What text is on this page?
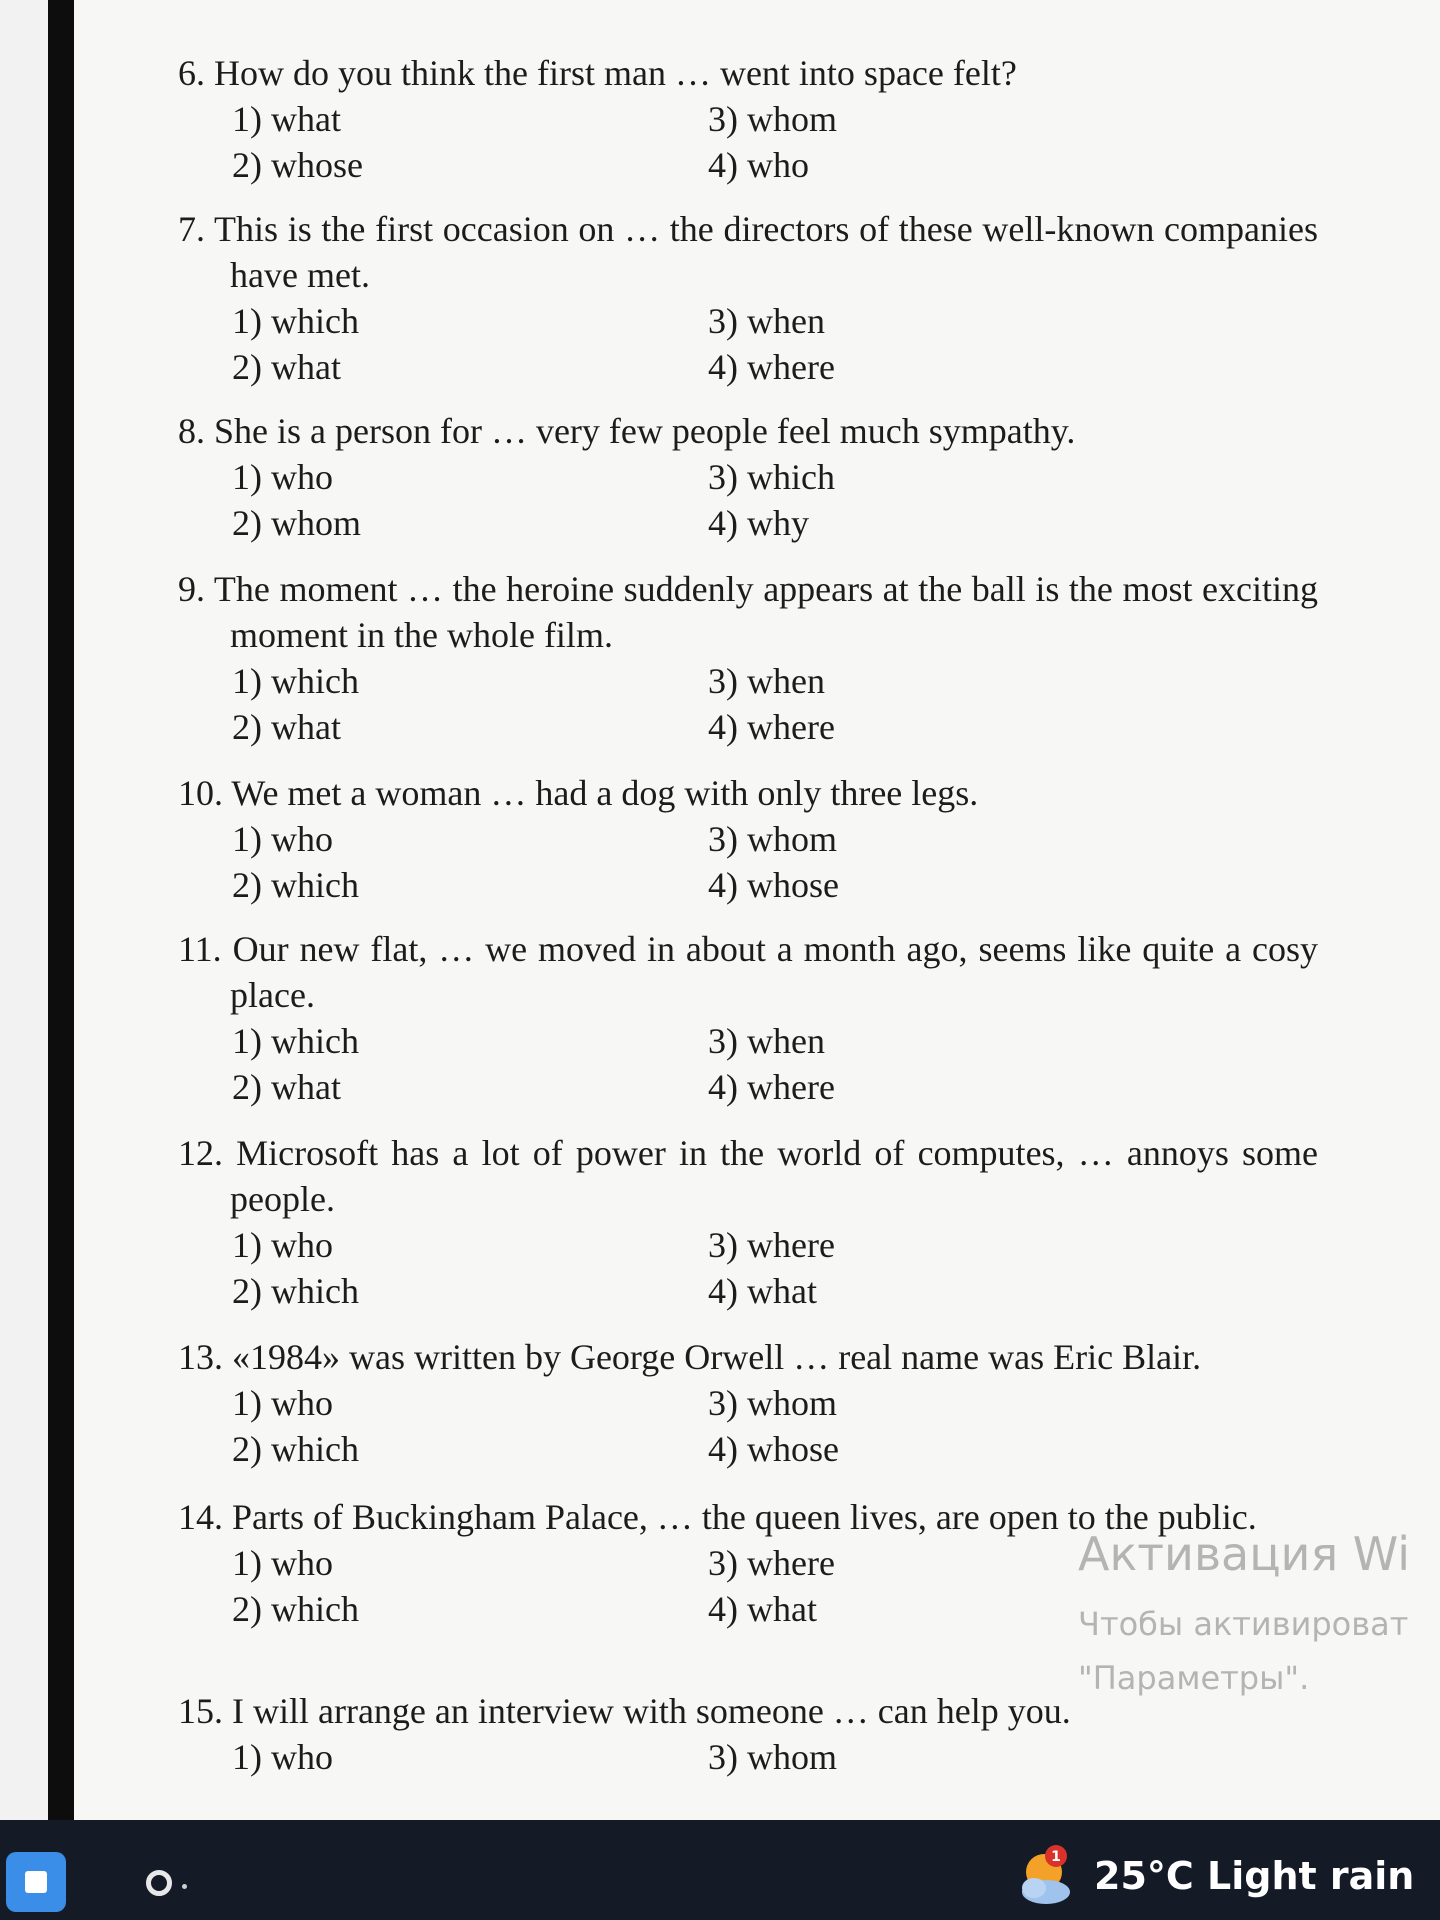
6. How do you think the first man … went into space felt?
1) what	3) whom
2) whose	4) who
7. This is the first occasion on … the directors of these well-known companies have met.
1) which	3) when
2) what	4) where
8. She is a person for … very few people feel much sympathy.
1) who	3) which
2) whom	4) why
9. The moment … the heroine suddenly appears at the ball is the most exciting moment in the whole film.
1) which	3) when
2) what	4) where
10. We met a woman … had a dog with only three legs.
1) who	3) whom
2) which	4) whose
11. Our new flat, … we moved in about a month ago, seems like quite a cosy place.
1) which	3) when
2) what	4) where
12. Microsoft has a lot of power in the world of computes, … annoys some people.
1) who	3) where
2) which	4) what
13. «1984» was written by George Orwell … real name was Eric Blair.
1) who	3) whom
2) which	4) whose
14. Parts of Buckingham Palace, … the queen lives, are open to the public.
1) who	3) where
2) which	4) what
15. I will arrange an interview with someone … can help you.
1) who	3) whom
Активация Wi
Чтобы активироват
"Параметры".
1 25°C Light rain
